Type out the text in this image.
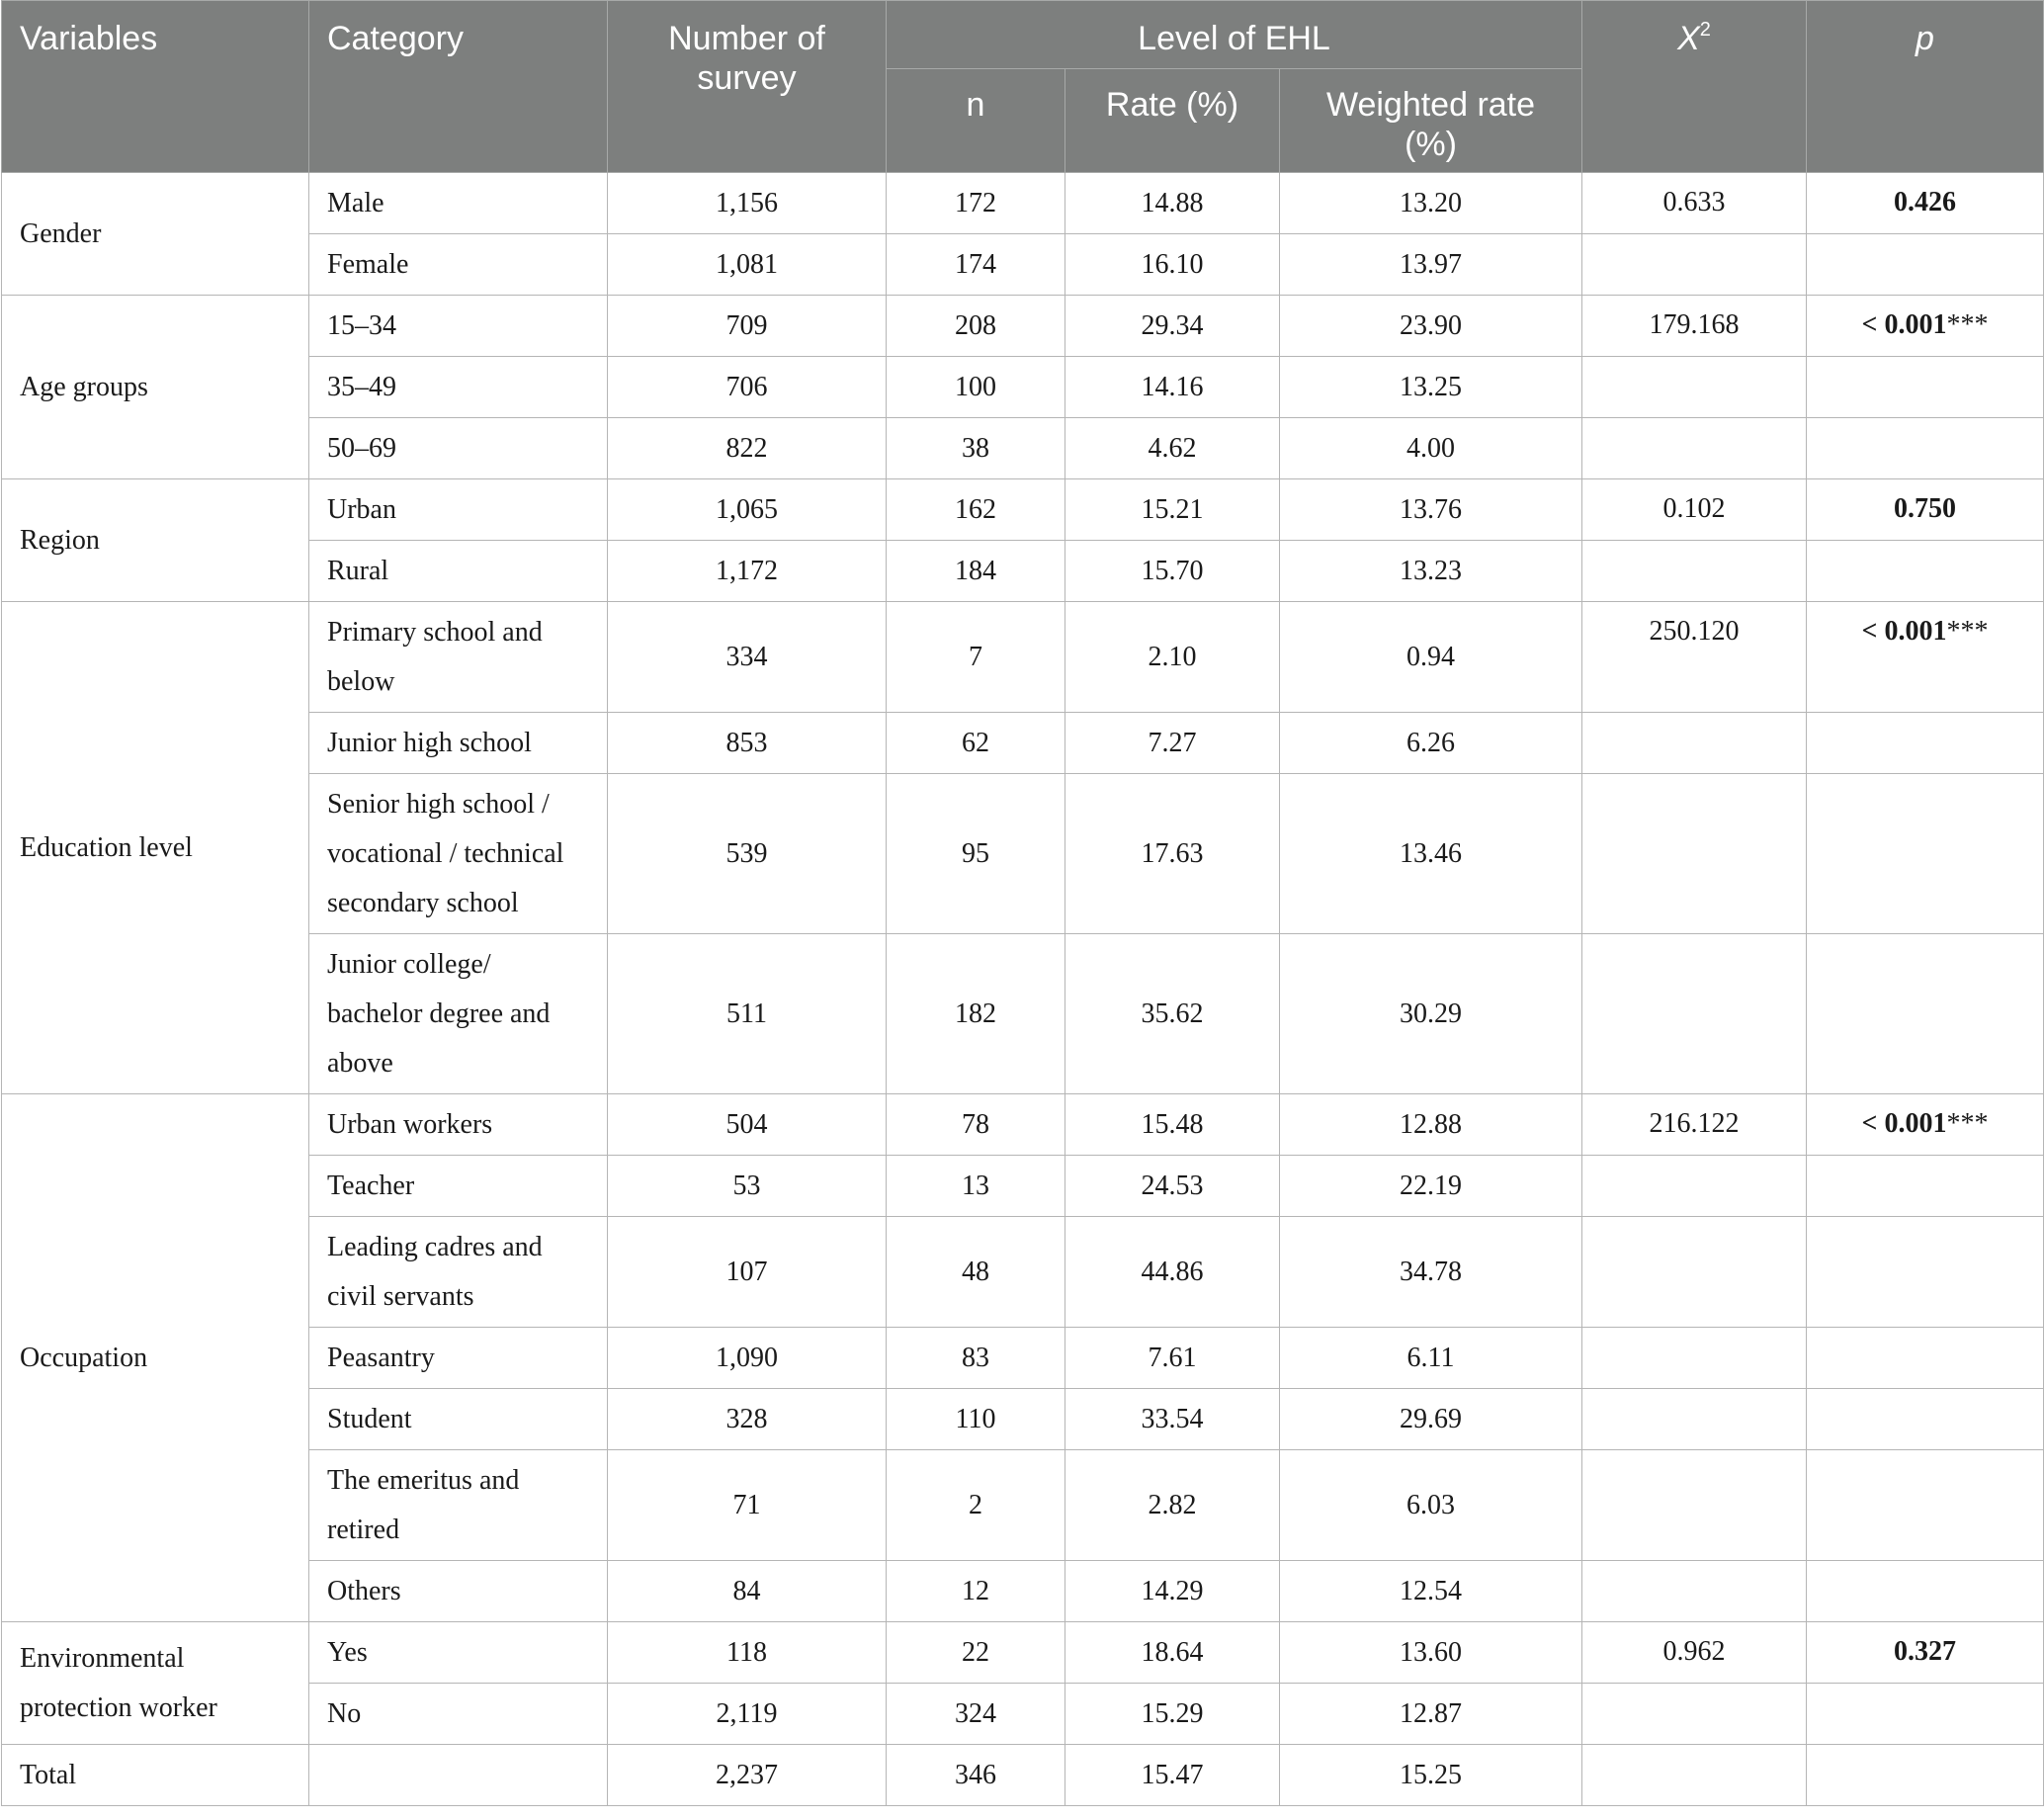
Variables	Category	Number of survey	Level of EHL			$X^2$	p
			n	Rate (%)	Weighted rate (%)		
Gender	Male	1,156	172	14.88	13.20	0.633	0.426
	Female	1,081	174	16.10	13.97		
Age groups	15–34	709	208	29.34	23.90	179.168	< 0.001***
	35–49	706	100	14.16	13.25		
	50–69	822	38	4.62	4.00		
Region	Urban	1,065	162	15.21	13.76	0.102	0.750
	Rural	1,172	184	15.70	13.23		
Education level	Primary school and below	334	7	2.10	0.94	250.120	< 0.001***
	Junior high school	853	62	7.27	6.26		
	Senior high school / vocational / technical secondary school	539	95	17.63	13.46		
	Junior college/ bachelor degree and above	511	182	35.62	30.29		
Occupation	Urban workers	504	78	15.48	12.88	216.122	< 0.001***
	Teacher	53	13	24.53	22.19		
	Leading cadres and civil servants	107	48	44.86	34.78		
	Peasantry	1,090	83	7.61	6.11		
	Student	328	110	33.54	29.69		
	The emeritus and retired	71	2	2.82	6.03		
	Others	84	12	14.29	12.54		
Environmental protection worker	Yes	118	22	18.64	13.60	0.962	0.327
	No	2,119	324	15.29	12.87		
Total		2,237	346	15.47	15.25		
